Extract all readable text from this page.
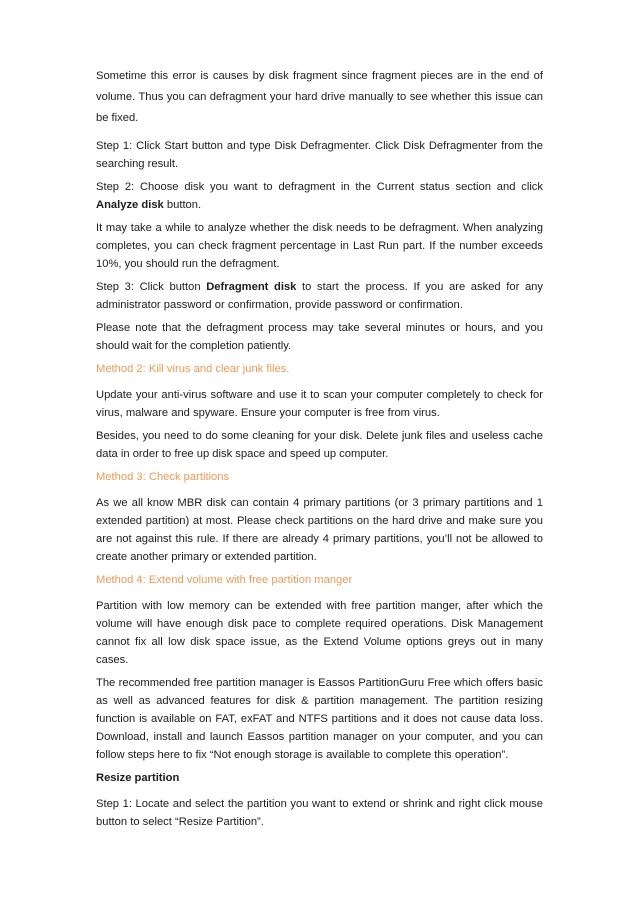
Sometime this error is causes by disk fragment since fragment pieces are in the end of
volume. Thus you can defragment your hard drive manually to see whether this issue can
be fixed.
Step 1: Click Start button and type Disk Defragmenter. Click Disk Defragmenter from the
searching result.
Step 2: Choose disk you want to defragment in the Current status section and click
Analyze disk button.
It may take a while to analyze whether the disk needs to be defragment. When analyzing
completes, you can check fragment percentage in Last Run part. If the number exceeds
10%, you should run the defragment.
Step 3: Click button Defragment disk to start the process. If you are asked for any
administrator password or confirmation, provide password or confirmation.
Please note that the defragment process may take several minutes or hours, and you
should wait for the completion patiently.
Method 2: Kill virus and clear junk files.
Update your anti-virus software and use it to scan your computer completely to check for
virus, malware and spyware. Ensure your computer is free from virus.
Besides, you need to do some cleaning for your disk. Delete junk files and useless cache
data in order to free up disk space and speed up computer.
Method 3: Check partitions
As we all know MBR disk can contain 4 primary partitions (or 3 primary partitions and 1
extended partition) at most. Please check partitions on the hard drive and make sure you
are not against this rule. If there are already 4 primary partitions, you’ll not be allowed to
create another primary or extended partition.
Method 4: Extend volume with free partition manger
Partition with low memory can be extended with free partition manger, after which the
volume will have enough disk pace to complete required operations. Disk Management
cannot fix all low disk space issue, as the Extend Volume options greys out in many
cases.
The recommended free partition manager is Eassos PartitionGuru Free which offers basic
as well as advanced features for disk & partition management. The partition resizing
function is available on FAT, exFAT and NTFS partitions and it does not cause data loss.
Download, install and launch Eassos partition manager on your computer, and you can
follow steps here to fix “Not enough storage is available to complete this operation”.
Resize partition
Step 1: Locate and select the partition you want to extend or shrink and right click mouse
button to select “Resize Partition”.
